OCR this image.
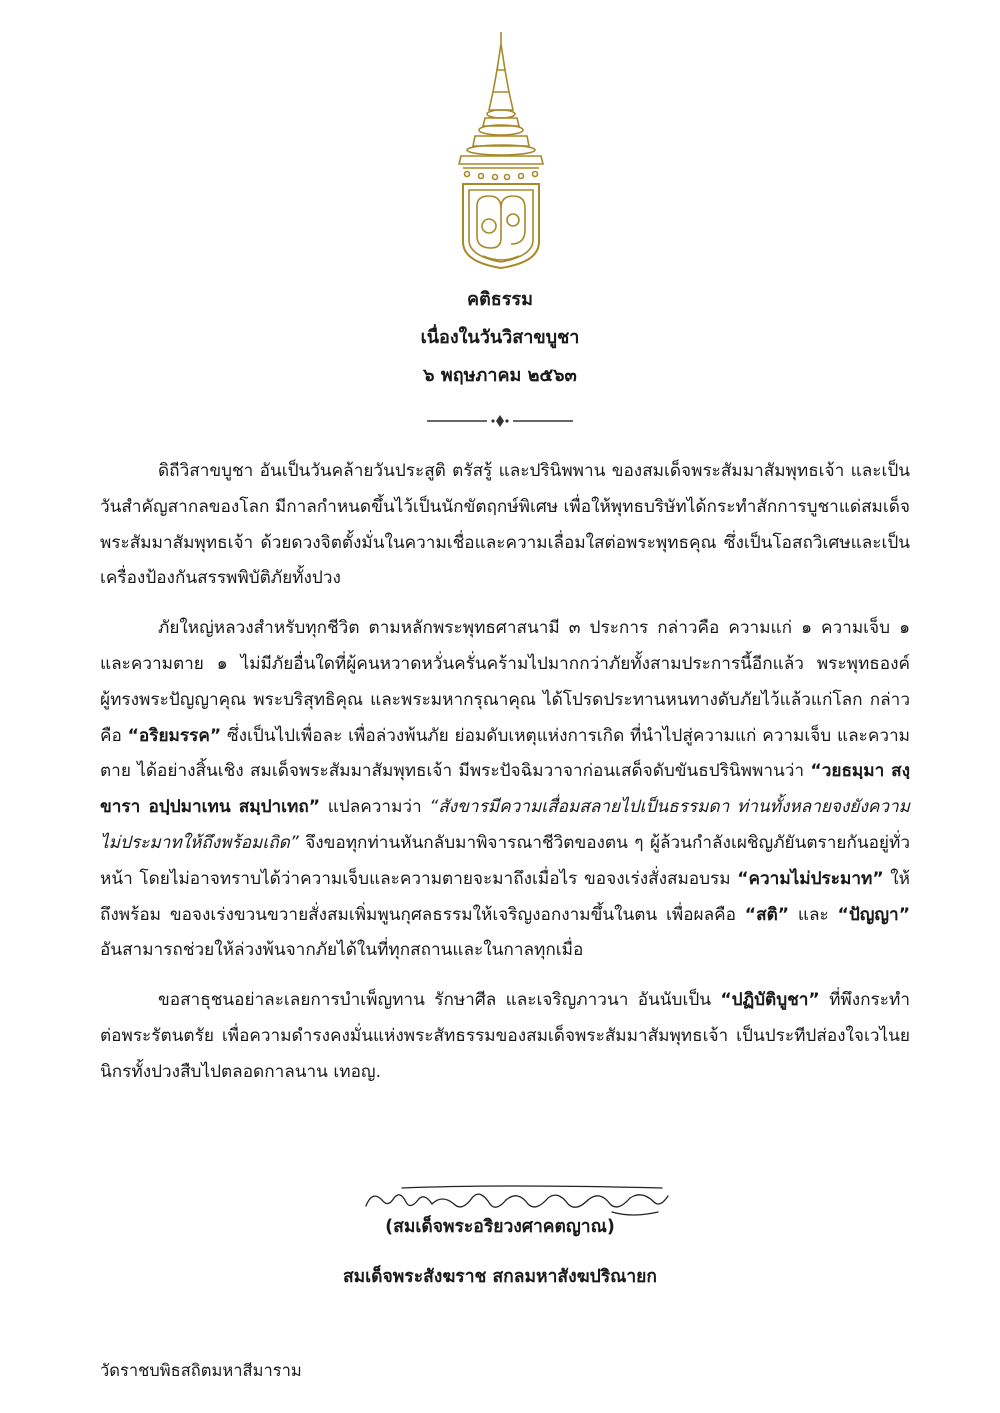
คติธรรม
เนื่องในวันวิสาขบูชา
๖ พฤษภาคม ๒๕๖๓

ดิถีวิสาขบูชา อันเป็นวันคล้ายวันประสูติ ตรัสรู้ และปรินิพพาน ของสมเด็จพระสัมมาสัมพุทธเจ้า และเป็นวันสำคัญสากลของโลก มีกาลกำหนดขึ้นไว้เป็นนักขัตฤกษ์พิเศษ เพื่อให้พุทธบริษัทได้กระทำสักการบูชาแด่สมเด็จพระสัมมาสัมพุทธเจ้า ด้วยดวงจิตตั้งมั่นในความเชื่อและความเลื่อมใสต่อพระพุทธคุณ ซึ่งเป็นโอสถวิเศษและเป็นเครื่องป้องกันสรรพพิบัติภัยทั้งปวง

ภัยใหญ่หลวงสำหรับทุกชีวิต ตามหลักพระพุทธศาสนามี ๓ ประการ กล่าวคือ ความแก่ ๑ ความเจ็บ ๑ และความตาย ๑ ไม่มีภัยอื่นใดที่ผู้คนหวาดหวั่นครั่นคร้ามไปมากกว่าภัยทั้งสามประการนี้อีกแล้ว พระพุทธองค์ผู้ทรงพระปัญญาคุณ พระบริสุทธิคุณ และพระมหากรุณาคุณ ได้โปรดประทานหนทางดับภัยไว้แล้วแก่โลก กล่าวคือ “อริยมรรค” ซึ่งเป็นไปเพื่อละ เพื่อล่วงพ้นภัย ย่อมดับเหตุแห่งการเกิด ที่นำไปสู่ความแก่ ความเจ็บ และความตาย ได้อย่างสิ้นเชิง สมเด็จพระสัมมาสัมพุทธเจ้า มีพระปัจฉิมวาจาก่อนเสด็จดับขันธปรินิพพานว่า “วยธมฺมา สงฺขารา อปฺปมาเทน สมฺปาเทถ” แปลความว่า “สังขารมีความเสื่อมสลายไปเป็นธรรมดา ท่านทั้งหลายจงยังความไม่ประมาทให้ถึงพร้อมเถิด” จึงขอทุกท่านหันกลับมาพิจารณาชีวิตของตน ๆ ผู้ล้วนกำลังเผชิญภัยันตรายกันอยู่ทั่วหน้า โดยไม่อาจทราบได้ว่าความเจ็บและความตายจะมาถึงเมื่อไร ขอจงเร่งสั่งสมอบรม “ความไม่ประมาท” ให้ถึงพร้อม ขอจงเร่งขวนขวายสั่งสมเพิ่มพูนกุศลธรรมให้เจริญงอกงามขึ้นในตน เพื่อผลคือ “สติ” และ “ปัญญา” อันสามารถช่วยให้ล่วงพ้นจากภัยได้ในที่ทุกสถานและในกาลทุกเมื่อ

ขอสาธุชนอย่าละเลยการบำเพ็ญทาน รักษาศีล และเจริญภาวนา อันนับเป็น “ปฏิบัติบูชา” ที่พึงกระทำต่อพระรัตนตรัย เพื่อความดำรงคงมั่นแห่งพระสัทธรรมของสมเด็จพระสัมมาสัมพุทธเจ้า เป็นประทีปส่องใจเวไนยนิกรทั้งปวงสืบไปตลอดกาลนาน เทอญ.

(สมเด็จพระอริยวงศาคตญาณ)
สมเด็จพระสังฆราช สกลมหาสังฆปริณายก
วัดราชบพิธสถิตมหาสีมาราม
